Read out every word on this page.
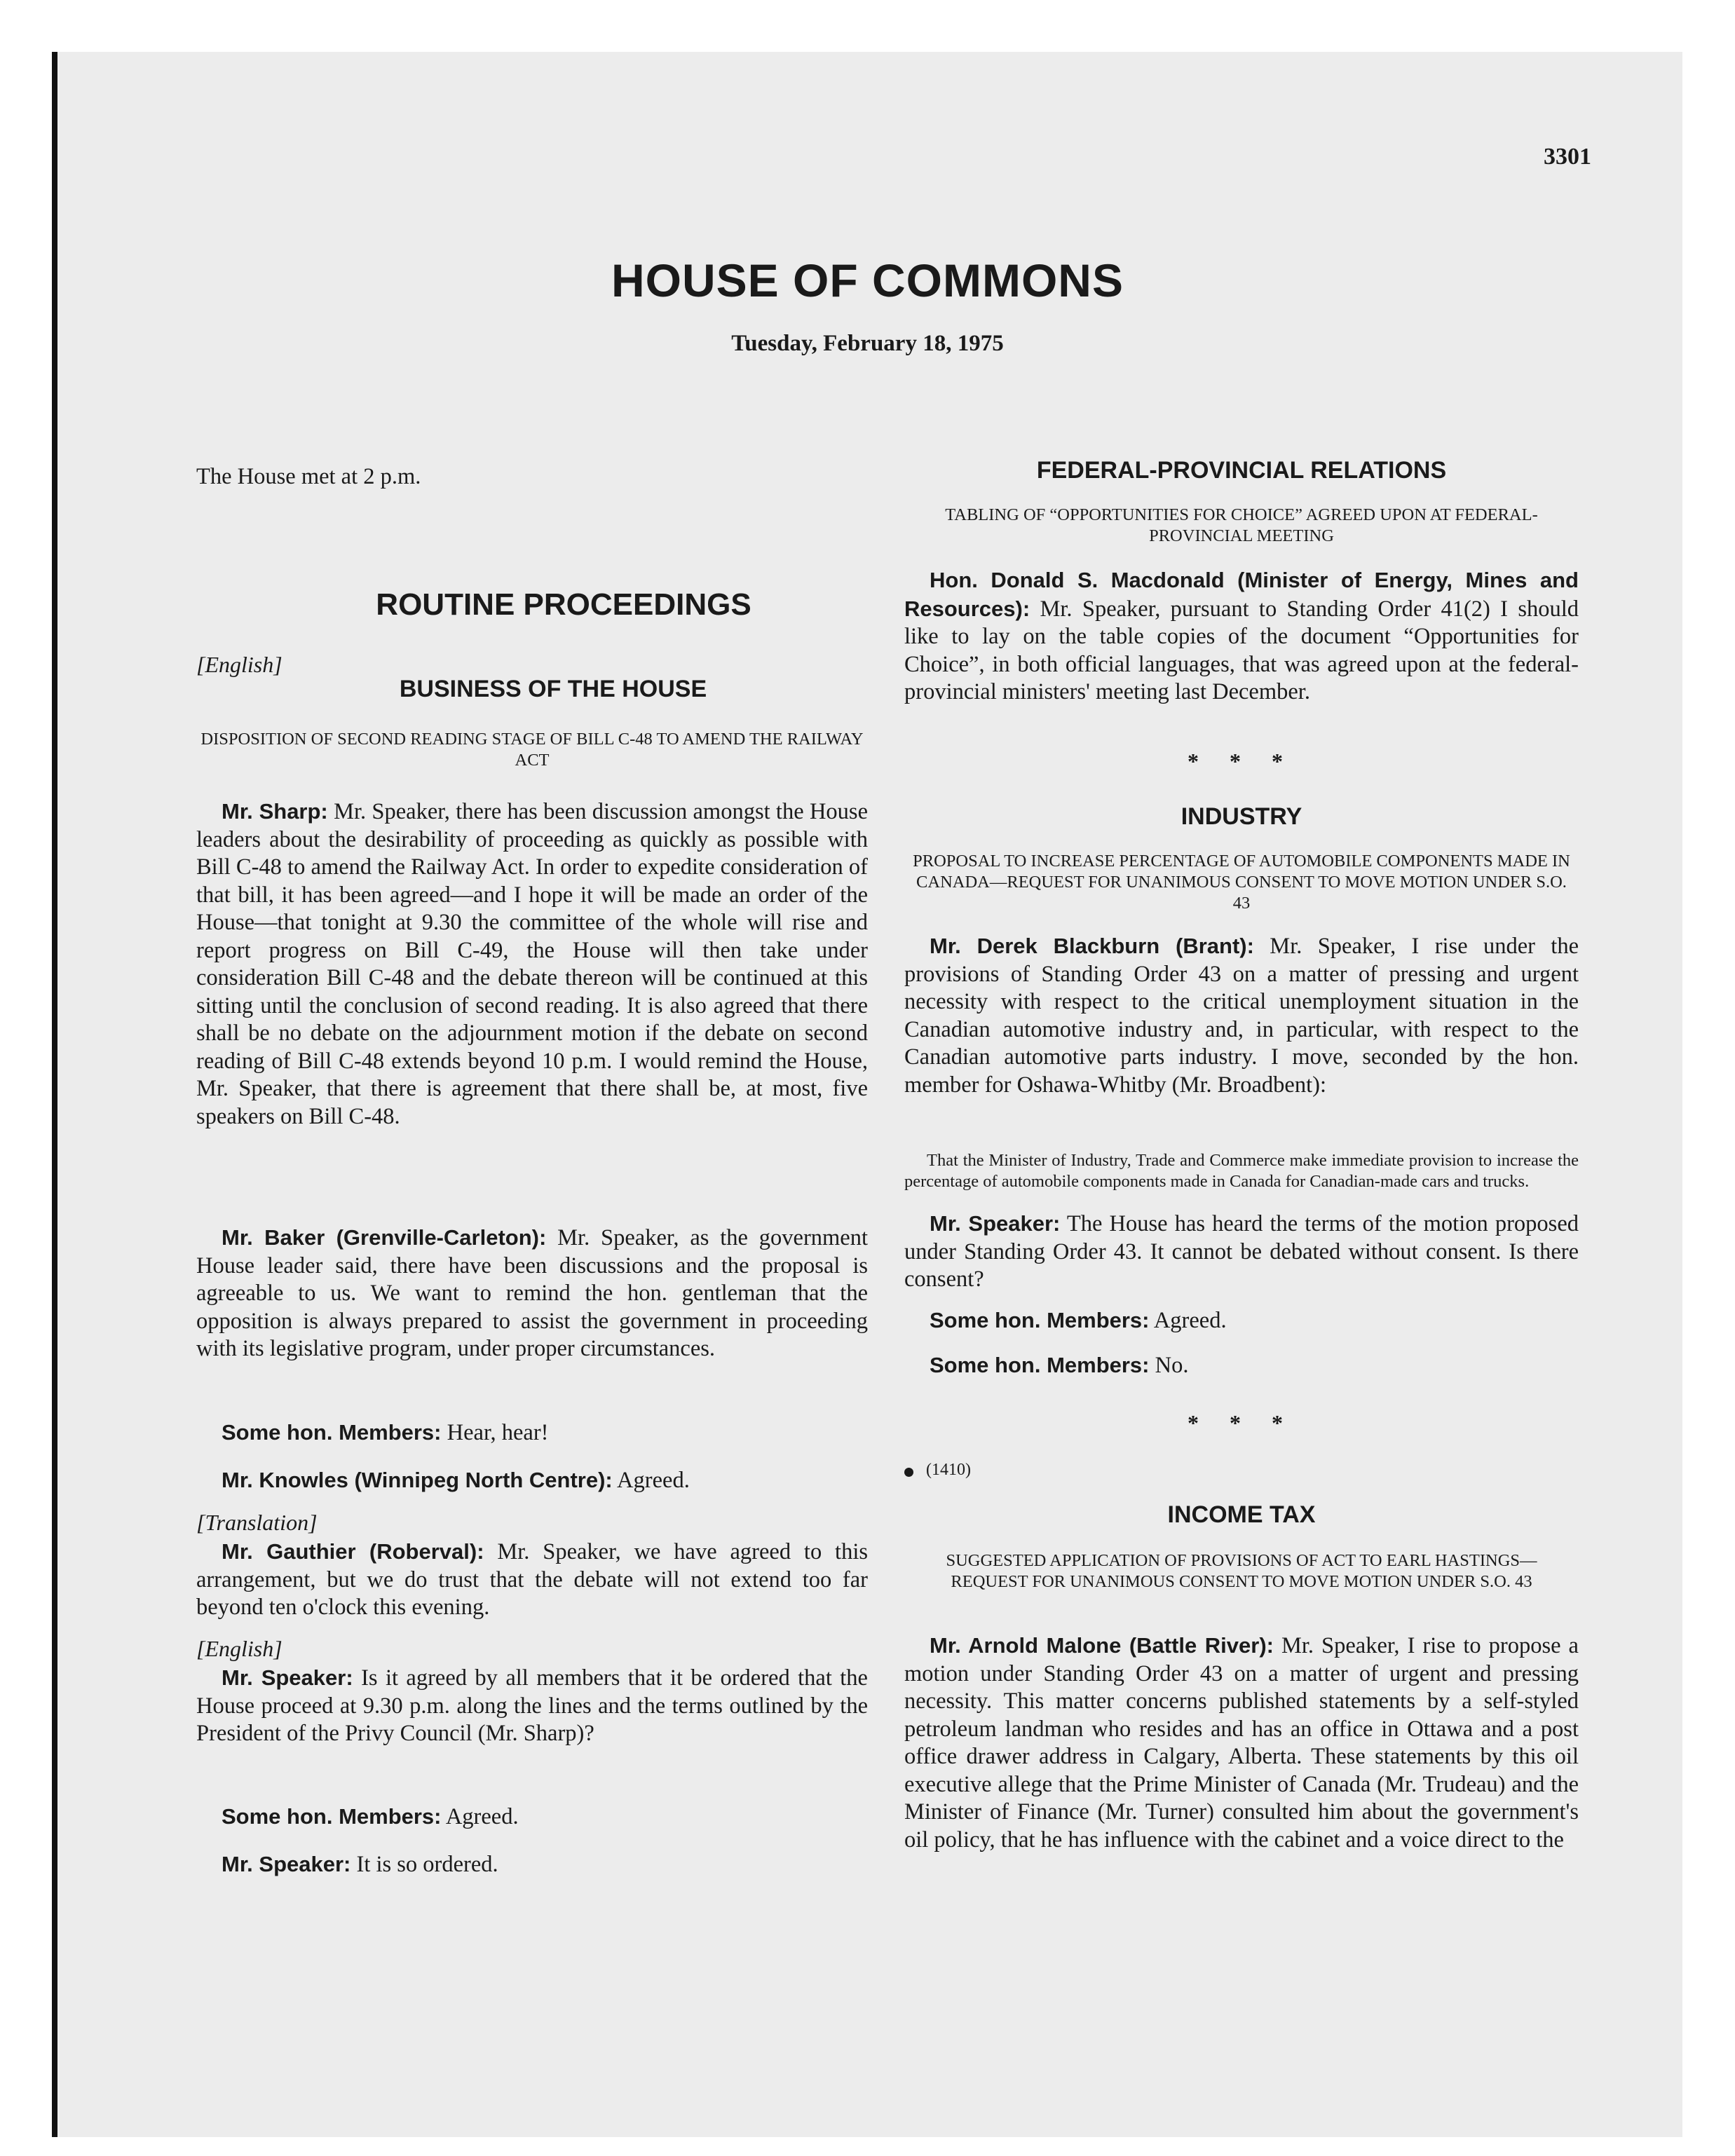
3301
HOUSE OF COMMONS
Tuesday, February 18, 1975
The House met at 2 p.m.
ROUTINE PROCEEDINGS
[English]
BUSINESS OF THE HOUSE
DISPOSITION OF SECOND READING STAGE OF BILL C-48 TO AMEND THE RAILWAY ACT

Mr. Sharp: Mr. Speaker, there has been discussion amongst the House leaders about the desirability of proceeding as quickly as possible with Bill C-48 to amend the Railway Act. In order to expedite consideration of that bill, it has been agreed—and I hope it will be made an order of the House—that tonight at 9.30 the committee of the whole will rise and report progress on Bill C-49, the House will then take under consideration Bill C-48 and the debate thereon will be continued at this sitting until the conclusion of second reading. It is also agreed that there shall be no debate on the adjournment motion if the debate on second reading of Bill C-48 extends beyond 10 p.m. I would remind the House, Mr. Speaker, that there is agreement that there shall be, at most, five speakers on Bill C-48.

Mr. Baker (Grenville-Carleton): Mr. Speaker, as the government House leader said, there have been discussions and the proposal is agreeable to us. We want to remind the hon. gentleman that the opposition is always prepared to assist the government in proceeding with its legislative program, under proper circumstances.

Some hon. Members: Hear, hear!

Mr. Knowles (Winnipeg North Centre): Agreed.

[Translation]

Mr. Gauthier (Roberval): Mr. Speaker, we have agreed to this arrangement, but we do trust that the debate will not extend too far beyond ten o'clock this evening.

[English]

Mr. Speaker: Is it agreed by all members that it be ordered that the House proceed at 9.30 p.m. along the lines and the terms outlined by the President of the Privy Council (Mr. Sharp)?

Some hon. Members: Agreed.

Mr. Speaker: It is so ordered.

FEDERAL-PROVINCIAL RELATIONS
TABLING OF “OPPORTUNITIES FOR CHOICE” AGREED UPON AT FEDERAL-PROVINCIAL MEETING

Hon. Donald S. Macdonald (Minister of Energy, Mines and Resources): Mr. Speaker, pursuant to Standing Order 41(2) I should like to lay on the table copies of the document “Opportunities for Choice”, in both official languages, that was agreed upon at the federal-provincial ministers' meeting last December.

* * *
INDUSTRY
PROPOSAL TO INCREASE PERCENTAGE OF AUTOMOBILE COMPONENTS MADE IN CANADA—REQUEST FOR UNANIMOUS CONSENT TO MOVE MOTION UNDER S.O. 43

Mr. Derek Blackburn (Brant): Mr. Speaker, I rise under the provisions of Standing Order 43 on a matter of pressing and urgent necessity with respect to the critical unemployment situation in the Canadian automotive industry and, in particular, with respect to the Canadian automotive parts industry. I move, seconded by the hon. member for Oshawa-Whitby (Mr. Broadbent):

That the Minister of Industry, Trade and Commerce make immediate provision to increase the percentage of automobile components made in Canada for Canadian-made cars and trucks.

Mr. Speaker: The House has heard the terms of the motion proposed under Standing Order 43. It cannot be debated without consent. Is there consent?

Some hon. Members: Agreed.

Some hon. Members: No.

* * *
(1410)
INCOME TAX
SUGGESTED APPLICATION OF PROVISIONS OF ACT TO EARL HASTINGS—REQUEST FOR UNANIMOUS CONSENT TO MOVE MOTION UNDER S.O. 43

Mr. Arnold Malone (Battle River): Mr. Speaker, I rise to propose a motion under Standing Order 43 on a matter of urgent and pressing necessity. This matter concerns published statements by a self-styled petroleum landman who resides and has an office in Ottawa and a post office drawer address in Calgary, Alberta. These statements by this oil executive allege that the Prime Minister of Canada (Mr. Trudeau) and the Minister of Finance (Mr. Turner) consulted him about the government's oil policy, that he has influence with the cabinet and a voice direct to the
